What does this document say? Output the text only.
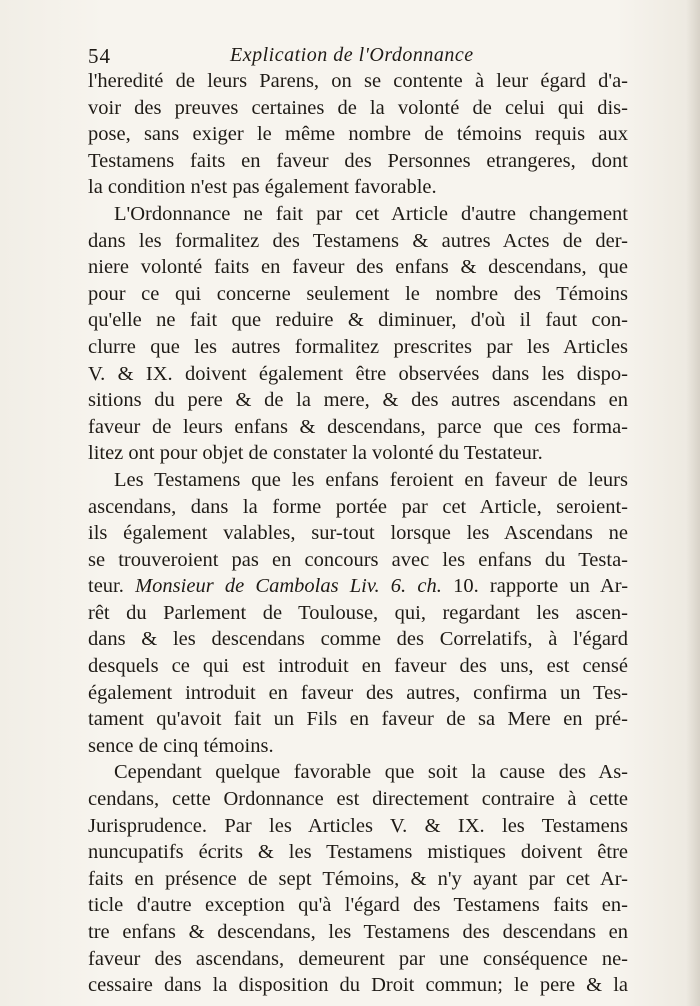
54	Explication de l'Ordonnance
l'heredité de leurs Parens, on se contente à leur égard d'a-
voir des preuves certaines de la volonté de celui qui dis-
pose, sans exiger le même nombre de témoins requis aux
Testamens faits en faveur des Personnes etrangeres, dont
la condition n'est pas également favorable.
L'Ordonnance ne fait par cet Article d'autre changement
dans les formalitez des Testamens & autres Actes de der-
niere volonté faits en faveur des enfans & descendans, que
pour ce qui concerne seulement le nombre des Témoins
qu'elle ne fait que reduire & diminuer, d'où il faut con-
clurre que les autres formalitez prescrites par les Articles
V. & IX. doivent également être observées dans les dispo-
sitions du pere & de la mere, & des autres ascendans en
faveur de leurs enfans & descendans, parce que ces forma-
litez ont pour objet de constater la volonté du Testateur.
Les Testamens que les enfans feroient en faveur de leurs
ascendans, dans la forme portée par cet Article, seroient-
ils également valables, sur-tout lorsque les Ascendans ne
se trouveroient pas en concours avec les enfans du Testa-
teur. Monsieur de Cambolas Liv. 6. ch. 10. rapporte un Ar-
rêt du Parlement de Toulouse, qui, regardant les ascen-
dans & les descendans comme des Correlatifs, à l'égard
desquels ce qui est introduit en faveur des uns, est censé
également introduit en faveur des autres, confirma un Tes-
tament qu'avoit fait un Fils en faveur de sa Mere en pré-
sence de cinq témoins.
Cependant quelque favorable que soit la cause des As-
cendans, cette Ordonnance est directement contraire à cette
Jurisprudence. Par les Articles V. & IX. les Testamens
nuncupatifs écrits & les Testamens mistiques doivent être
faits en présence de sept Témoins, & n'y ayant par cet Ar-
ticle d'autre exception qu'à l'égard des Testamens faits en-
tre enfans & descendans, les Testamens des descendans en
faveur des ascendans, demeurent par une conséquence ne-
cessaire dans la disposition du Droit commun; le pere & la
